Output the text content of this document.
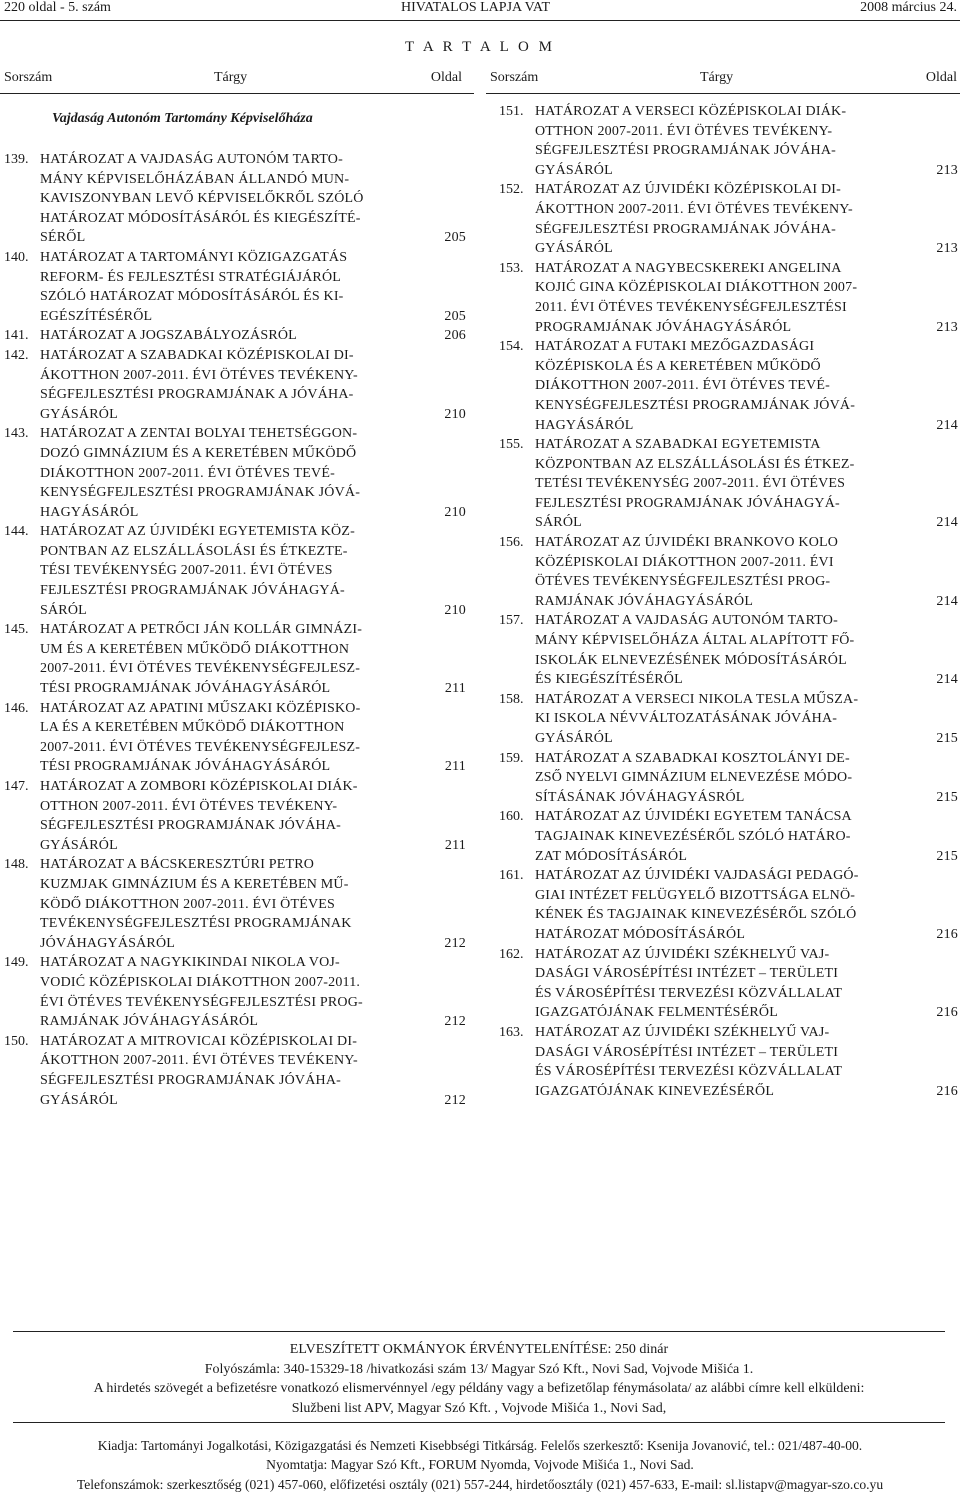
220 oldal - 5. szám	HIVATALOS LAPJA VAT	2008 március 24.
T A R T A L O M
Sorszám	Tárgy	Oldal Sorszám	Tárgy	Oldal
Vajdaság Autonóm Tartomány Képviselőháza
139. HATÁROZAT A VAJDASÁG AUTONÓM TARTO-
MÁNY KÉPVISELŐHÁZÁBAN ÁLLANDÓ MUN-
KAVISZONYBAN LEVŐ KÉPVISELŐKRŐL SZÓLÓ
HATÁROZAT MÓDOSÍTÁSÁRÓL ÉS KIEGÉSZÍTÉ-
SÉRŐL	205
140. HATÁROZAT A TARTOMÁNYI KÖZIGAZGATÁS
REFORM- ÉS FEJLESZTÉSI STRATÉGIÁJÁRÓL
SZÓLÓ HATÁROZAT MÓDOSÍTÁSÁRÓL ÉS KI-
EGÉSZÍTÉSÉRŐL	205
141. HATÁROZAT A JOGSZABÁLYOZÁSRÓL	206
142. HATÁROZAT A SZABADKAI KÖZÉPISKOLAI DI-
ÁKOTTHON 2007-2011. ÉVI ÖTÉVES TEVÉKENY-
SÉGFEJLESZTÉSI PROGRAMJÁNAK A JÓVÁHA-
GYÁSÁRÓL	210
143. HATÁROZAT A ZENTAI BOLYAI TEHETSÉGGON-
DOZÓ GIMNÁZIUM ÉS A KERETÉBEN MŰKÖDŐ
DIÁKOTTHON 2007-2011. ÉVI ÖTÉVES TEVÉ-
KENYSÉGFEJLESZTÉSI PROGRAMJÁNAK JÓVÁ-
HAGYÁSÁRÓL	210
144. HATÁROZAT AZ ÚJVIDÉKI EGYETEMISTA KÖZ-
PONTBAN AZ ELSZÁLLÁSOLÁSI ÉS ÉTKEZTE-
TÉSI TEVÉKENYSÉG 2007-2011. ÉVI ÖTÉVES
FEJLESZTÉSI PROGRAMJÁNAK JÓVÁHAGYÁ-
SÁRÓL	210
145. HATÁROZAT A PETRŐCI JÁN KOLLÁR GIMNÁZI-
UM ÉS A KERETÉBEN MŰKÖDŐ DIÁKOTTHON
2007-2011. ÉVI ÖTÉVES TEVÉKENYSÉGFEJLESZ-
TÉSI PROGRAMJÁNAK JÓVÁHAGYÁSÁRÓL	211
146. HATÁROZAT AZ APATINI MŰSZAKI KÖZÉPISKO-
LA ÉS A KERETÉBEN MŰKÖDŐ DIÁKOTTHON
2007-2011. ÉVI ÖTÉVES TEVÉKENYSÉGFEJLESZ-
TÉSI PROGRAMJÁNAK JÓVÁHAGYÁSÁRÓL	211
147. HATÁROZAT A ZOMBORI KÖZÉPISKOLAI DIÁK-
OTTHON 2007-2011. ÉVI ÖTÉVES TEVÉKENY-
SÉGFEJLESZTÉSI PROGRAMJÁNAK JÓVÁHA-
GYÁSÁRÓL	211
148. HATÁROZAT A BÁCSKERESZTÚRI PETRO
KUZMJAK GIMNÁZIUM ÉS A KERETÉBEN MŰ-
KÖDŐ DIÁKOTTHON 2007-2011. ÉVI ÖTÉVES
TEVÉKENYSÉGFEJLESZTÉSI PROGRAMJÁNAK
JÓVÁHAGYÁSÁRÓL	212
149. HATÁROZAT A NAGYKIKINDAI NIKOLA VOJ-
VODIĆ KÖZÉPISKOLAI DIÁKOTTHON 2007-2011.
ÉVI ÖTÉVES TEVÉKENYSÉGFEJLESZTÉSI PROG-
RAMJÁNAK JÓVÁHAGYÁSÁRÓL	212
150. HATÁROZAT A MITROVICAI KÖZÉPISKOLAI DI-
ÁKOTTHON 2007-2011. ÉVI ÖTÉVES TEVÉKENY-
SÉGFEJLESZTÉSI PROGRAMJÁNAK JÓVÁHA-
GYÁSÁRÓL	212
151. HATÁROZAT A VERSECI KÖZÉPISKOLAI DIÁK-
OTTHON 2007-2011. ÉVI ÖTÉVES TEVÉKENY-
SÉGFEJLESZTÉSI PROGRAMJÁNAK JÓVÁHA-
GYÁSÁRÓL	213
152. HATÁROZAT AZ ÚJVIDÉKI KÖZÉPISKOLAI DI-
ÁKOTTHON 2007-2011. ÉVI ÖTÉVES TEVÉKENY-
SÉGFEJLESZTÉSI PROGRAMJÁNAK JÓVÁHA-
GYÁSÁRÓL	213
153. HATÁROZAT A NAGYBECSKEREKI ANGELINA
KOJIĆ GINA KÖZÉPISKOLAI DIÁKOTTHON 2007-
2011. ÉVI ÖTÉVES TEVÉKENYSÉGFEJLESZTÉSI
PROGRAMJÁNAK JÓVÁHAGYÁSÁRÓL	213
154. HATÁROZAT A FUTAKI MEZŐGAZDASÁGI
KÖZÉPISKOLA ÉS A KERETÉBEN MŰKÖDŐ
DIÁKOTTHON 2007-2011. ÉVI ÖTÉVES TEVÉ-
KENYSÉGFEJLESZTÉSI PROGRAMJÁNAK JÓVÁ-
HAGYÁSÁRÓL	214
155. HATÁROZAT A SZABADKAI EGYETEMISTA
KÖZPONTBAN AZ ELSZÁLLÁSOLÁSI ÉS ÉTKEZ-
TETÉSI TEVÉKENYSÉG 2007-2011. ÉVI ÖTÉVES
FEJLESZTÉSI PROGRAMJÁNAK JÓVÁHAGYÁ-
SÁRÓL	214
156. HATÁROZAT AZ ÚJVIDÉKI BRANKOVO KOLO
KÖZÉPISKOLAI DIÁKOTTHON 2007-2011. ÉVI
ÖTÉVES TEVÉKENYSÉGFEJLESZTÉSI PROG-
RAMJÁNAK JÓVÁHAGYÁSÁRÓL	214
157. HATÁROZAT A VAJDASÁG AUTONÓM TARTO-
MÁNY KÉPVISELŐHÁZA ÁLTAL ALAPÍTOTT FŐ-
ISKOLÁK ELNEVEZÉSÉNEK MÓDOSÍTÁSÁRÓL
ÉS KIEGÉSZÍTÉSÉRŐL	214
158. HATÁROZAT A VERSECI NIKOLA TESLA MŰSZA-
KI ISKOLA NÉVVÁLTOZATÁSÁNAK JÓVÁHA-
GYÁSÁRÓL	215
159. HATÁROZAT A SZABADKAI KOSZTOLÁNYI DE-
ZSŐ NYELVI GIMNÁZIUM ELNEVEZÉSE MÓDO-
SÍTÁSÁNAK JÓVÁHAGYÁSRÓL	215
160. HATÁROZAT AZ ÚJVIDÉKI EGYETEM TANÁCSA
TAGJAINAK KINEVEZÉSÉRŐL SZÓLÓ HATÁRO-
ZAT MÓDOSÍTÁSÁRÓL	215
161. HATÁROZAT AZ ÚJVIDÉKI VAJDASÁGI PEDAGÓ-
GIAI INTÉZET FELÜGYELŐ BIZOTTSÁGA ELNÖ-
KÉNEK ÉS TAGJAINAK KINEVEZÉSÉRŐL SZÓLÓ
HATÁROZAT MÓDOSÍTÁSÁRÓL	216
162. HATÁROZAT AZ ÚJVIDÉKI SZÉKHELYŰ VAJ-
DASÁGI VÁROSÉPÍTÉSI INTÉZET – TERÜLETI
ÉS VÁROSÉPÍTÉSI TERVEZÉSI KÖZVÁLLALAT
IGAZGATÓJÁNAK FELMENTÉSÉRŐL	216
163. HATÁROZAT AZ ÚJVIDÉKI SZÉKHELYŰ VAJ-
DASÁGI VÁROSÉPÍTÉSI INTÉZET – TERÜLETI
ÉS VÁROSÉPÍTÉSI TERVEZÉSI KÖZVÁLLALAT
IGAZGATÓJÁNAK KINEVEZÉSÉRŐL	216
ELVESZÍTETT OKMÁNYOK ÉRVÉNYTELENÍTÉSE: 250 dinár
Folyószámla: 340-15329-18 /hivatkozási szám 13/ Magyar Szó Kft., Novi Sad, Vojvode Mišića 1.
A hirdetés szövegét a befizetésre vonatkozó elismervénnyel /egy példány vagy a befizetőlap fénymásolata/ az alábbi címre kell elküldeni:
Službeni list APV, Magyar Szó Kft. , Vojvode Mišića 1., Novi Sad,
Kiadja: Tartományi Jogalkotási, Közigazgatási és Nemzeti Kisebbségi Titkárság. Felelős szerkesztő: Ksenija Jovanović, tel.: 021/487-40-00.
Nyomtatja: Magyar Szó Kft., FORUM Nyomda, Vojvode Mišića 1., Novi Sad.
Telefonszámok: szerkesztőség (021) 457-060, előfizetési osztály (021) 557-244, hirdetőosztály (021) 457-633, E-mail: sl.listapv@magyar-szo.co.yu
